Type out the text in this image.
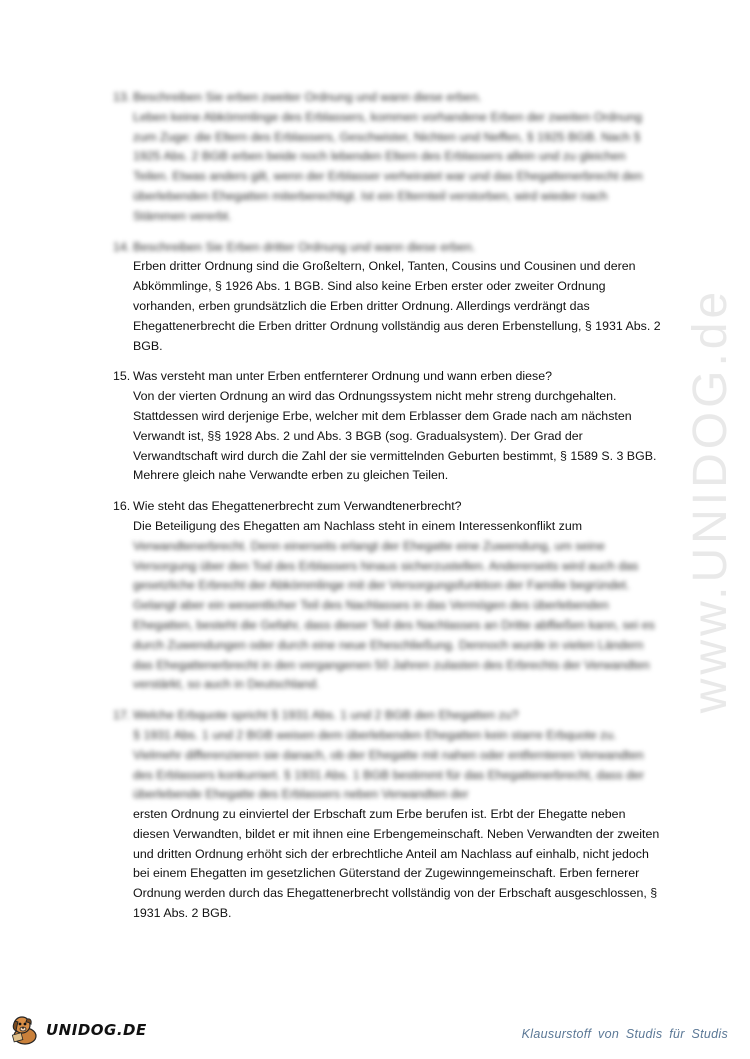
13. Beschreiben Sie erben zweiter Ordnung und wann diese erben.
Leben keine Abkömmlinge des Erblassers, kommen vorhandene Erben der zweiten Ordnung zum Zuge: die Eltern des Erblassers, Geschwister, Nichten und Neffen, § 1925 BGB. Nach § 1925 Abs. 2 BGB erben beide noch lebenden Eltern des Erblassers allein und zu gleichen Teilen. Etwas anders gilt, wenn der Erblasser verheiratet war und das Ehegattenerbrecht den überlebenden Ehegatten miterberechtigt. Ist ein Elternteil verstorben, wird wieder nach Stämmen vererbt.
14. Beschreiben Sie Erben dritter Ordnung und wann diese erben.
Erben dritter Ordnung sind die Großeltern, Onkel, Tanten, Cousins und Cousinen und deren Abkömmlinge, § 1926 Abs. 1 BGB. Sind also keine Erben erster oder zweiter Ordnung vorhanden, erben grundsätzlich die Erben dritter Ordnung. Allerdings verdrängt das Ehegattenerbrecht die Erben dritter Ordnung vollständig aus deren Erbenstellung, § 1931 Abs. 2 BGB.
15. Was versteht man unter Erben entfernterer Ordnung und wann erben diese?
Von der vierten Ordnung an wird das Ordnungssystem nicht mehr streng durchgehalten. Stattdessen wird derjenige Erbe, welcher mit dem Erblasser dem Grade nach am nächsten Verwandt ist, §§ 1928 Abs. 2 und Abs. 3 BGB (sog. Gradualsystem). Der Grad der Verwandtschaft wird durch die Zahl der sie vermittelnden Geburten bestimmt, § 1589 S. 3 BGB. Mehrere gleich nahe Verwandte erben zu gleichen Teilen.
16. Wie steht das Ehegattenerbrecht zum Verwandtenerbrecht?
Die Beteiligung des Ehegatten am Nachlass steht in einem Interessenkonflikt zum
Verwandtenerbrecht. Denn einerseits erlangt der Ehegatte eine Zuwendung, um seine Versorgung über den Tod des Erblassers hinaus sicherzustellen. Andererseits wird auch das gesetzliche Erbrecht der Abkömmlinge mit der Versorgungsfunktion der Familie begründet. Gelangt aber ein wesentlicher Teil des Nachlasses in das Vermögen des überlebenden Ehegatten, besteht die Gefahr, dass dieser Teil des Nachlasses an Dritte abfließen kann, sei es durch Zuwendungen oder durch eine neue Eheschließung. Dennoch wurde in vielen Ländern das Ehegattenerbrecht in den vergangenen 50 Jahren zulasten des Erbrechts der Verwandten verstärkt, so auch in Deutschland.
17. Welche Erbquote spricht § 1931 Abs. 1 und 2 BGB den Ehegatten zu?
§ 1931 Abs. 1 und 2 BGB weisen dem überlebenden Ehegatten kein starre Erbquote zu. Vielmehr differenzieren sie danach, ob der Ehegatte mit nahen oder entfernteren Verwandten des Erblassers konkurriert. § 1931 Abs. 1 BGB bestimmt für das Ehegattenerbrecht, dass der überlebende Ehegatte des Erblassers neben Verwandten der
ersten Ordnung zu einviertel der Erbschaft zum Erbe berufen ist. Erbt der Ehegatte neben diesen Verwandten, bildet er mit ihnen eine Erbengemeinschaft. Neben Verwandten der zweiten und dritten Ordnung erhöht sich der erbrechtliche Anteil am Nachlass auf einhalb, nicht jedoch bei einem Ehegatten im gesetzlichen Güterstand der Zugewinngemeinschaft. Erben fernerer Ordnung werden durch das Ehegattenerbrecht vollständig von der Erbschaft ausgeschlossen, § 1931 Abs. 2 BGB.
www.UNIDOG.de
UNIDOG.DE	Klausurstoff von Studis für Studis
